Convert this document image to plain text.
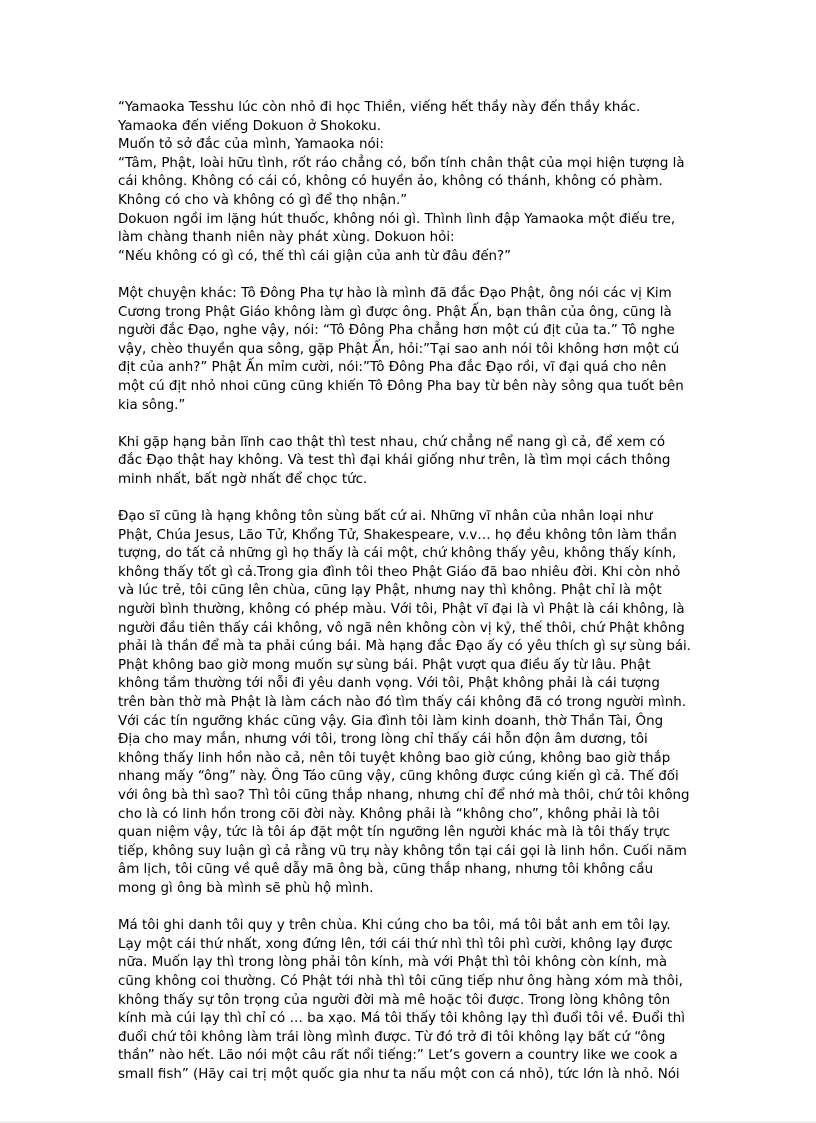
“Yamaoka Tesshu lúc còn nhỏ đi học Thiền, viếng hết thầy này đến thầy khác.
Yamaoka đến viếng Dokuon ở Shokoku.
Muốn tỏ sở đắc của mình, Yamaoka nói:
“Tâm, Phật, loài hữu tình, rốt ráo chẳng có, bổn tính chân thật của mọi hiện tượng là
cái không. Không có cái có, không có huyền ảo, không có thánh, không có phàm.
Không có cho và không có gì để thọ nhận.”
Dokuon ngồi im lặng hút thuốc, không nói gì. Thình lình đập Yamaoka một điếu tre,
làm chàng thanh niên này phát xùng. Dokuon hỏi:
“Nếu không có gì có, thế thì cái giận của anh từ đâu đến?”
Một chuyện khác: Tô Đông Pha tự hào là mình đã đắc Đạo Phật, ông nói các vị Kim
Cương trong Phật Giáo không làm gì được ông. Phật Ấn, bạn thân của ông, cũng là
người đắc Đạo, nghe vậy, nói: “Tô Đông Pha chẳng hơn một cú địt của ta.” Tô nghe
vậy, chèo thuyền qua sông, gặp Phật Ấn, hỏi:”Tại sao anh nói tôi không hơn một cú
địt của anh?” Phật Ấn mỉm cười, nói:”Tô Đông Pha đắc Đạo rồi, vĩ đại quá cho nên
một cú địt nhỏ nhoi cũng cũng khiến Tô Đông Pha bay từ bên này sông qua tuốt bên
kia sông.”
Khi gặp hạng bản lĩnh cao thật thì test nhau, chứ chẳng nể nang gì cả, để xem có
đắc Đạo thật hay không. Và test thì đại khái giống như trên, là tìm mọi cách thông
minh nhất, bất ngờ nhất để chọc tức.
Đạo sĩ cũng là hạng không tôn sùng bất cứ ai. Những vĩ nhân của nhân loại như
Phật, Chúa Jesus, Lão Tử, Khổng Tử, Shakespeare, v.v… họ đều không tôn làm thần
tượng, do tất cả những gì họ thấy là cái một, chứ không thấy yêu, không thấy kính,
không thấy tốt gì cả.Trong gia đình tôi theo Phật Giáo đã bao nhiêu đời. Khi còn nhỏ
và lúc trẻ, tôi cũng lên chùa, cũng lạy Phật, nhưng nay thì không. Phật chỉ là một
người bình thường, không có phép màu. Với tôi, Phật vĩ đại là vì Phật là cái không, là
người đầu tiên thấy cái không, vô ngã nên không còn vị kỷ, thế thôi, chứ Phật không
phải là thần để mà ta phải cúng bái. Mà hạng đắc Đạo ấy có yêu thích gì sự sùng bái.
Phật không bao giờ mong muốn sự sùng bái. Phật vượt qua điều ấy từ lâu. Phật
không tầm thường tới nỗi đi yêu danh vọng. Với tôi, Phật không phải là cái tượng
trên bàn thờ mà Phật là làm cách nào đó tìm thấy cái không đã có trong người mình.
Với các tín ngưỡng khác cũng vậy. Gia đình tôi làm kinh doanh, thờ Thần Tài, Ông
Địa cho may mắn, nhưng với tôi, trong lòng chỉ thấy cái hỗn độn âm dương, tôi
không thấy linh hồn nào cả, nên tôi tuyệt không bao giờ cúng, không bao giờ thắp
nhang mấy “ông” này. Ông Táo cũng vậy, cũng không được cúng kiến gì cả. Thế đối
với ông bà thì sao? Thì tôi cũng thắp nhang, nhưng chỉ để nhớ mà thôi, chứ tôi không
cho là có linh hồn trong cõi đời này. Không phải là “không cho”, không phải là tôi
quan niệm vậy, tức là tôi áp đặt một tín ngưỡng lên người khác mà là tôi thấy trực
tiếp, không suy luận gì cả rằng vũ trụ này không tồn tại cái gọi là linh hồn. Cuối năm
âm lịch, tôi cũng về quê dẫy mã ông bà, cũng thắp nhang, nhưng tôi không cầu
mong gì ông bà mình sẽ phù hộ mình.
Má tôi ghi danh tôi quy y trên chùa. Khi cúng cho ba tôi, má tôi bắt anh em tôi lạy.
Lạy một cái thứ nhất, xong đứng lên, tới cái thứ nhì thì tôi phì cười, không lạy được
nữa. Muốn lạy thì trong lòng phải tôn kính, mà với Phật thì tôi không còn kính, mà
cũng không coi thường. Có Phật tới nhà thì tôi cũng tiếp như ông hàng xóm mà thôi,
không thấy sự tôn trọng của người đời mà mê hoặc tôi được. Trong lòng không tôn
kính mà cúi lạy thì chỉ có … ba xạo. Má tôi thấy tôi không lạy thì đuổi tôi về. Đuổi thì
đuổi chứ tôi không làm trái lòng mình được. Từ đó trở đi tôi không lạy bất cứ “ông
thần” nào hết. Lão nói một câu rất nổi tiếng:” Let’s govern a country like we cook a
small fish” (Hãy cai trị một quốc gia như ta nấu một con cá nhỏ), tức lớn là nhỏ. Nói
